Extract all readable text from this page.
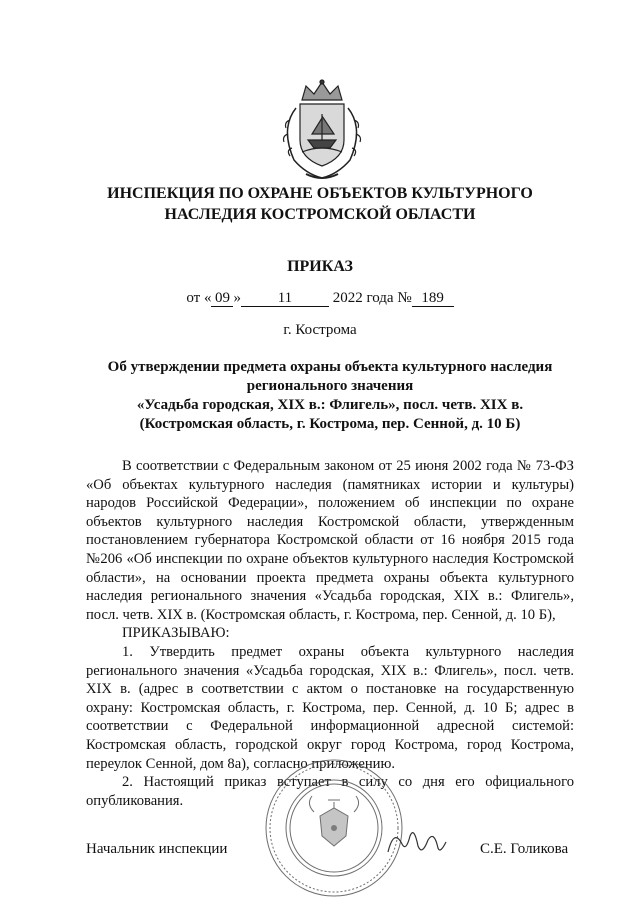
ИНСПЕКЦИЯ ПО ОХРАНЕ ОБЪЕКТОВ КУЛЬТУРНОГО
НАСЛЕДИЯ КОСТРОМСКОЙ ОБЛАСТИ
ПРИКАЗ
от « 09 » 11	2022 года № 189
г. Кострома
Об утверждении предмета охраны объекта культурного наследия
регионального значения
«Усадьба городская, XIX в.: Флигель», посл. четв. XIX в.
(Костромская область, г. Кострома, пер. Сенной, д. 10 Б)

В соответствии с Федеральным законом от 25 июня 2002 года № 73-ФЗ «Об объектах культурного наследия (памятниках истории и культуры) народов Российской Федерации», положением об инспекции по охране объектов культурного наследия Костромской области, утвержденным постановлением губернатора Костромской области от 16 ноября 2015 года №206 «Об инспекции по охране объектов культурного наследия Костромской области», на основании проекта предмета охраны объекта культурного наследия регионального значения «Усадьба городская, XIX в.: Флигель», посл. четв. XIX в. (Костромская область, г. Кострома, пер. Сенной, д. 10 Б),

ПРИКАЗЫВАЮ:

1. Утвердить предмет охраны объекта культурного наследия регионального значения «Усадьба городская, XIX в.: Флигель», посл. четв. XIX в. (адрес в соответствии с актом о постановке на государственную охрану: Костромская область, г. Кострома, пер. Сенной, д. 10 Б; адрес в соответствии с Федеральной информационной адресной системой: Костромская область, городской округ город Кострома, город Кострома, переулок Сенной, дом 8а), согласно приложению.

2. Настоящий приказ вступает в силу со дня его официального опубликования.

Начальник инспекции	С.Е. Голикова
